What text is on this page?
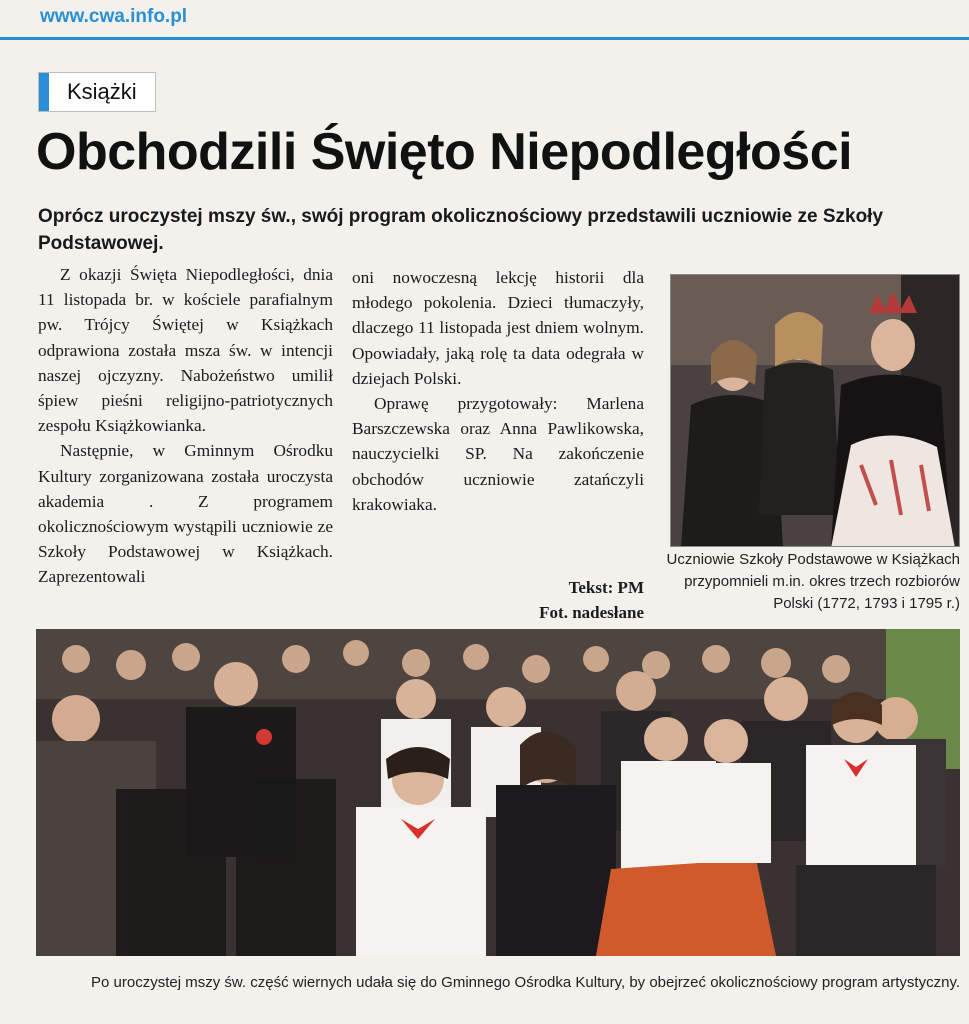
www.cwa.info.pl
Książki
Obchodzili Święto Niepodległości
Oprócz uroczystej mszy św., swój program okolicznościowy przedstawili uczniowie ze Szkoły Podstawowej.

Z okazji Święta Niepodległości, dnia 11 listopada br. w kościele parafialnym pw. Trójcy Świętej w Książkach odprawiona została msza św. w intencji naszej ojczyzny. Nabożeństwo umilił śpiew pieśni religijno-patriotycznych zespołu Książkowianka.

Następnie, w Gminnym Ośrodku Kultury zorganizowana została uroczysta akademia . Z programem okolicznościowym wystąpili uczniowie ze Szkoły Podstawowej w Książkach. Zaprezentowali

oni nowoczesną lekcję historii dla młodego pokolenia. Dzieci tłumaczyły, dlaczego 11 listopada jest dniem wolnym. Opowiadały, jaką rolę ta data odegrała w dziejach Polski.

Oprawę przygotowały: Marlena Barszczewska oraz Anna Pawlikowska, nauczycielki SP. Na zakończenie obchodów uczniowie zatańczyli krakowiaka.

Tekst: PM
Fot. nadesłane
Uczniowie Szkoły Podstawowe w Książkach przypomnieli m.in. okres trzech rozbiorów Polski (1772, 1793 i 1795 r.)
Po uroczystej mszy św. część wiernych udała się do Gminnego Ośrodka Kultury, by obejrzeć okolicznościowy program artystyczny.
